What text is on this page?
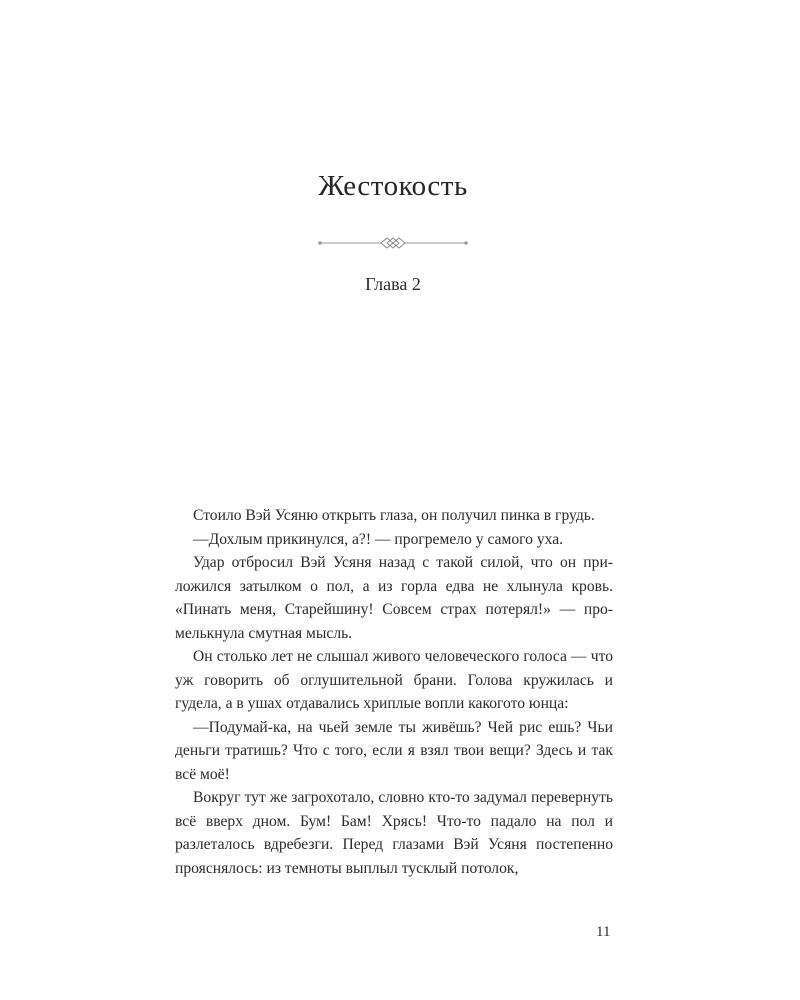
Жестокость
Глава 2

Стоило Вэй Усяню открыть глаза, он получил пинка в грудь.

—Дохлым прикинулся, а?! — прогремело у самого уха.

Удар отбросил Вэй Усяня назад с такой силой, что он приложился затылком о пол, а из горла едва не хлынула кровь. «Пинать меня, Старейшину! Совсем страх потерял!» — промелькнула смутная мысль.

Он столько лет не слышал живого человеческого голоса — что уж говорить об оглушительной брани. Голова кружилась и гудела, а в ушах отдавались хриплые вопли какогото юнца:

—Подумай-ка, на чьей земле ты живёшь? Чей рис ешь? Чьи деньги тратишь? Что с того, если я взял твои вещи? Здесь и так всё моё!

Вокруг тут же загрохотало, словно кто-то задумал перевернуть всё вверх дном. Бум! Бам! Хрясь! Что-то падало на пол и разлеталось вдребезги. Перед глазами Вэй Усяня постепенно прояснялось: из темноты выплыл тусклый потолок,

11
